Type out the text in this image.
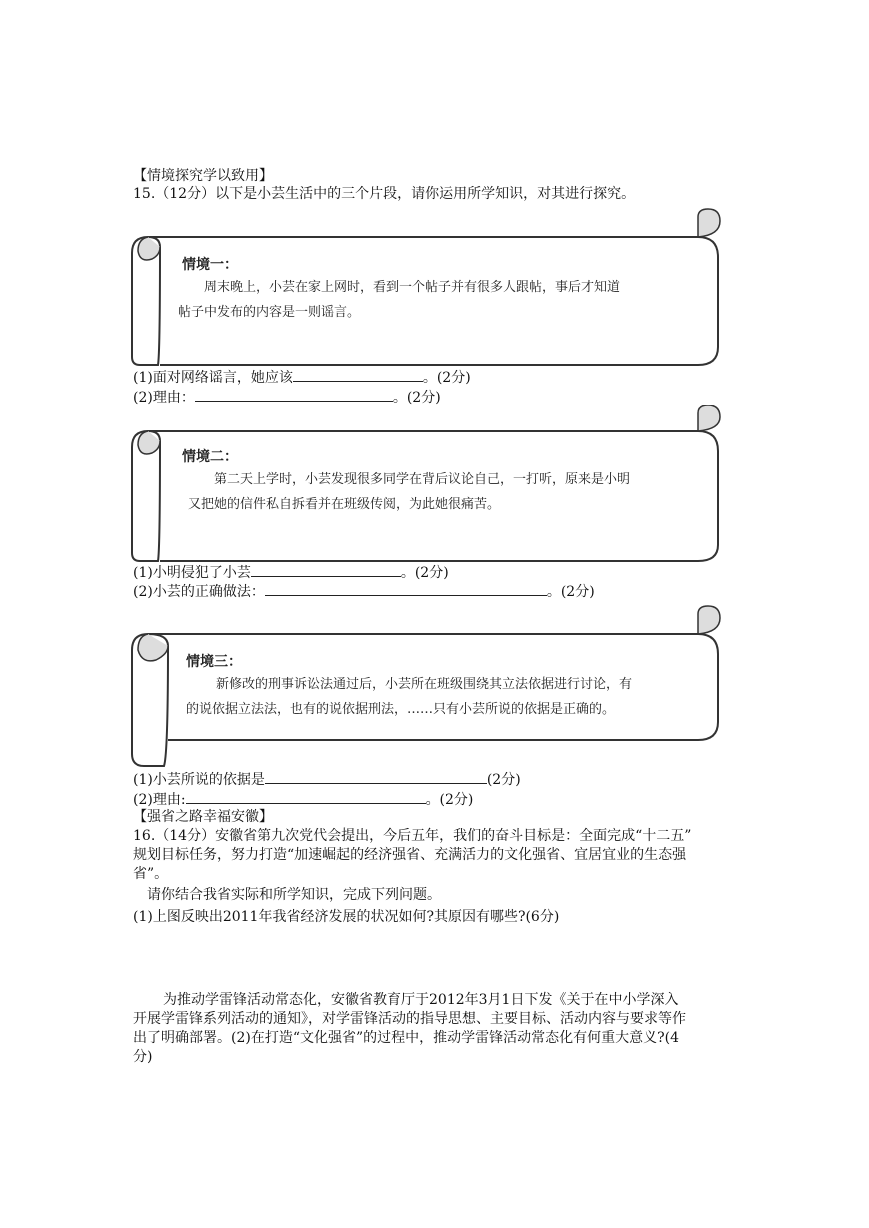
【情境探究学以致用】
15.（12分）以下是小芸生活中的三个片段，请你运用所学知识，对其进行探究。
情境一：
周末晚上，小芸在家上网时，看到一个帖子并有很多人跟帖，事后才知道
帖子中发布的内容是一则谣言。
(1)面对网络谣言，她应该	。(2分)
(2)理由：	。(2分)
情境二：
第二天上学时，小芸发现很多同学在背后议论自己，一打听，原来是小明
又把她的信件私自拆看并在班级传阅，为此她很痛苦。
(1)小明侵犯了小芸	。(2分)
(2)小芸的正确做法：	。(2分)
情境三：
新修改的刑事诉讼法通过后，小芸所在班级围绕其立法依据进行讨论，有
的说依据立法法，也有的说依据刑法，……只有小芸所说的依据是正确的。
(1)小芸所说的依据是	(2分)
(2)理由:	。(2分)
【强省之路幸福安徽】
16.（14分）安徽省第九次党代会提出，今后五年，我们的奋斗目标是：全面完成“十二五”
规划目标任务，努力打造“加速崛起的经济强省、充满活力的文化强省、宜居宜业的生态强
省”。
请你结合我省实际和所学知识，完成下列问题。
(1)上图反映出2011年我省经济发展的状况如何?其原因有哪些?(6分)
为推动学雷锋活动常态化，安徽省教育厅于2012年3月1日下发《关于在中小学深入
开展学雷锋系列活动的通知》，对学雷锋活动的指导思想、主要目标、活动内容与要求等作
出了明确部署。(2)在打造“文化强省”的过程中，推动学雷锋活动常态化有何重大意义?(4
分)
